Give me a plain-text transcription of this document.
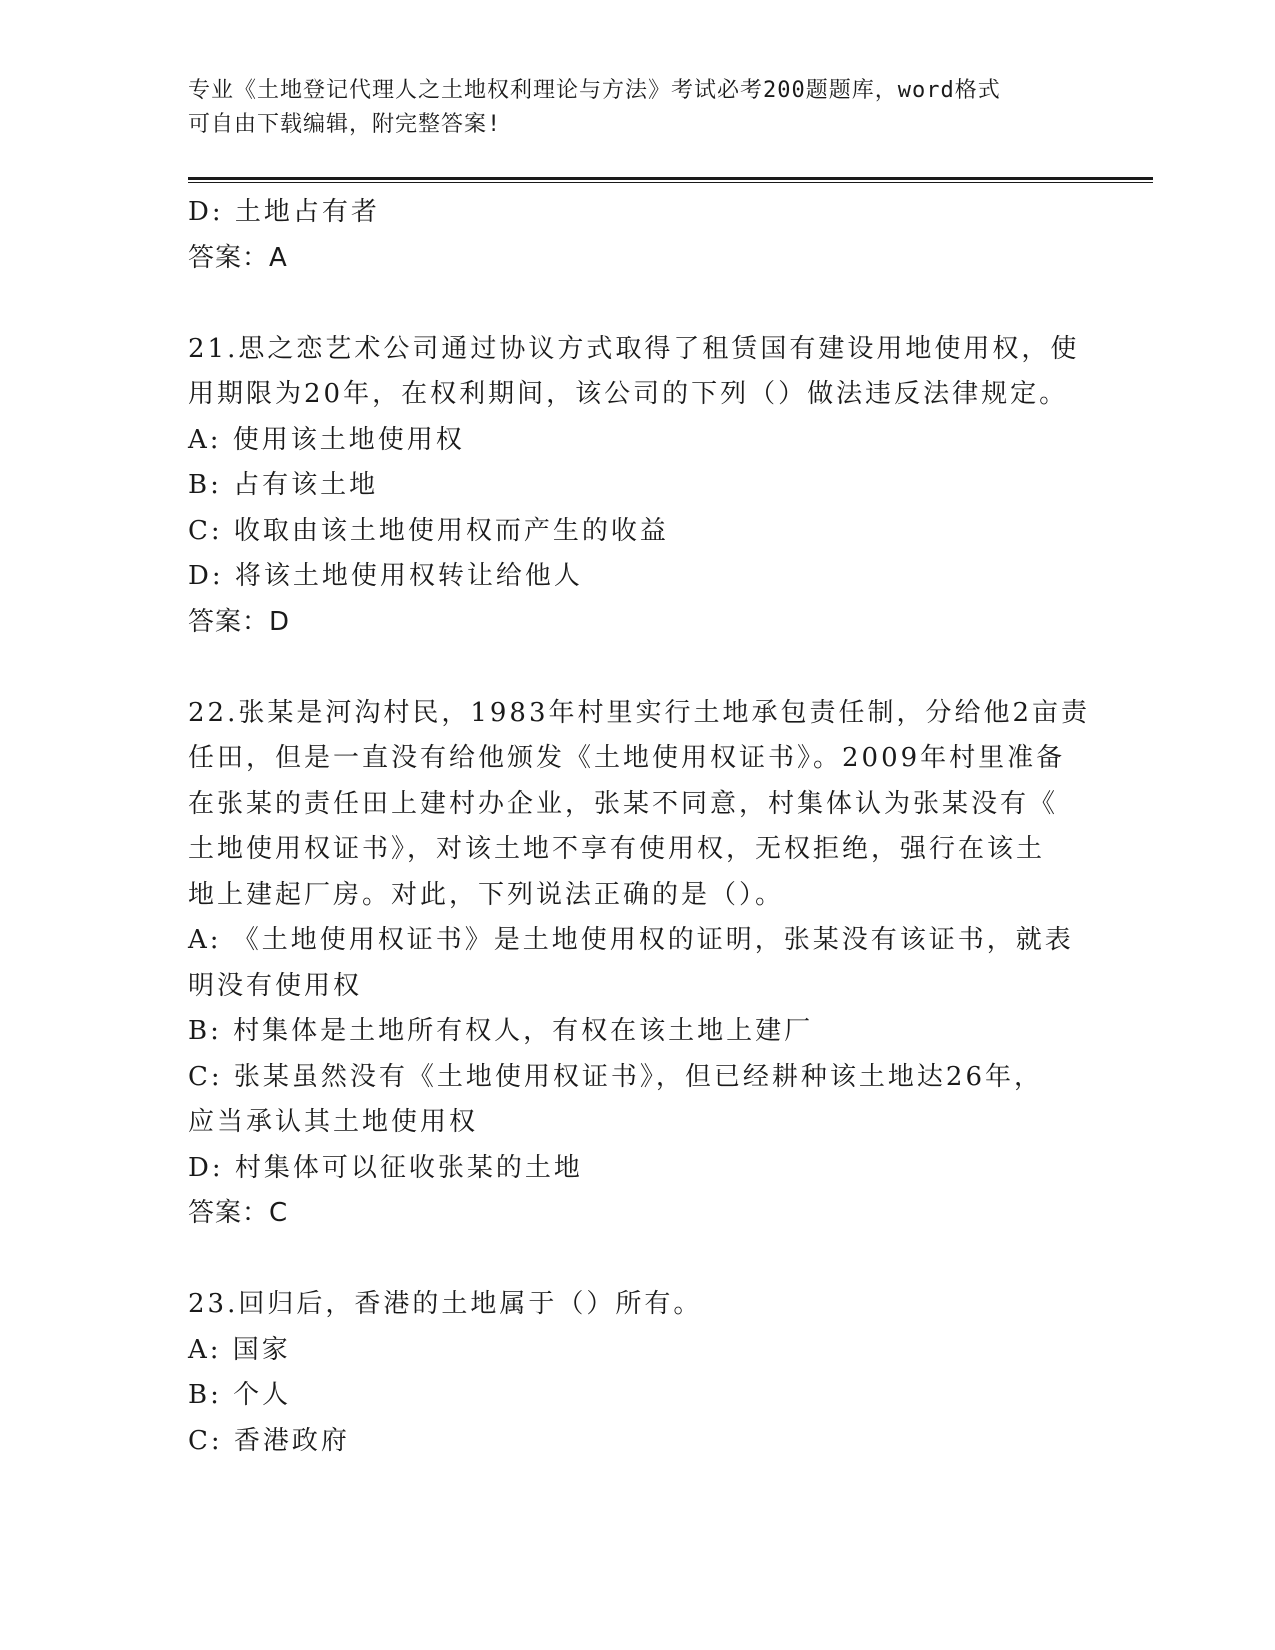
专业《土地登记代理人之土地权利理论与方法》考试必考200题题库，word格式
可自由下载编辑，附完整答案!
D: 土地占有者
答案：A
21.思之恋艺术公司通过协议方式取得了租赁国有建设用地使用权，使
用期限为20年，在权利期间，该公司的下列（）做法违反法律规定。
A: 使用该土地使用权
B: 占有该土地
C: 收取由该土地使用权而产生的收益
D: 将该土地使用权转让给他人
答案：D
22.张某是河沟村民，1983年村里实行土地承包责任制，分给他2亩责
任田，但是一直没有给他颁发《土地使用权证书》。2009年村里准备
在张某的责任田上建村办企业，张某不同意，村集体认为张某没有《
土地使用权证书》，对该土地不享有使用权，无权拒绝，强行在该土
地上建起厂房。对此，下列说法正确的是（）。
A: 《土地使用权证书》是土地使用权的证明，张某没有该证书，就表
明没有使用权
B: 村集体是土地所有权人，有权在该土地上建厂
C: 张某虽然没有《土地使用权证书》，但已经耕种该土地达26年，
应当承认其土地使用权
D: 村集体可以征收张某的土地
答案：C
23.回归后，香港的土地属于（）所有。
A: 国家
B: 个人
C: 香港政府
